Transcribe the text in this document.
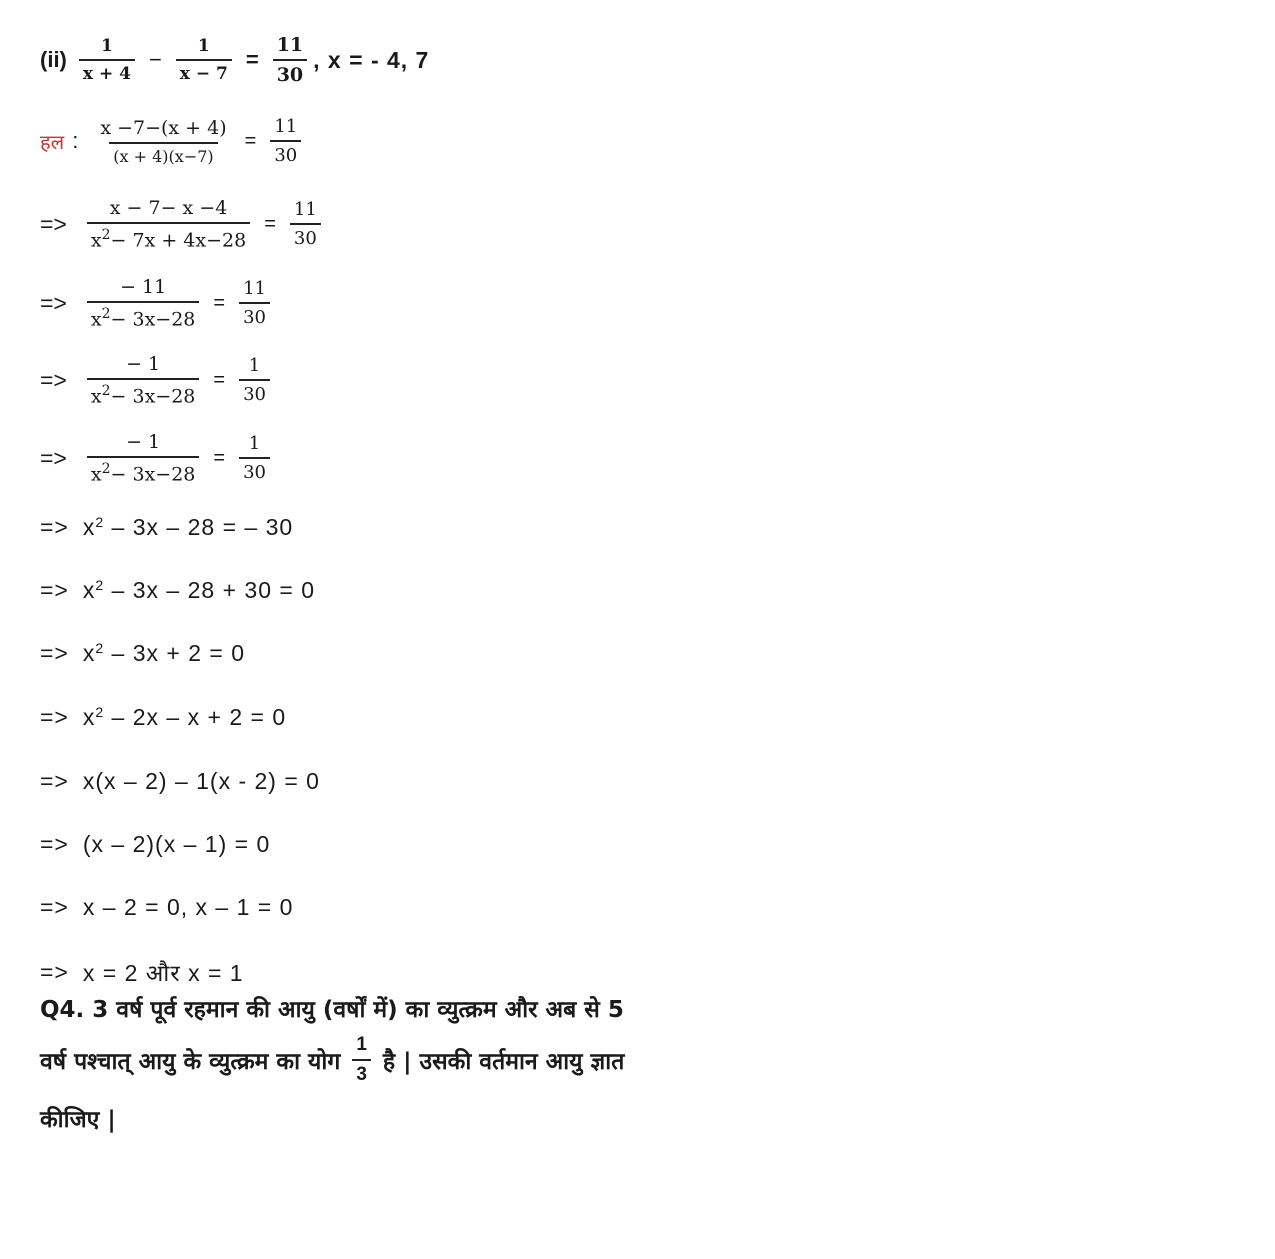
$(ii) \frac{1}{x + 4} - \frac{1}{x - 7} = \frac{11}{30}$ , x = - 4, 7
हल : $\frac{x -7-(x + 4)}{(x + 4)(x-7)} = \frac{11}{30}$
=> $\frac{x - 7- x -4}{x^2- 7x + 4x-28} = \frac{11}{30}$
=> $\frac{- 11}{x^2- 3x-28} = \frac{11}{30}$
=> $\frac{- 1}{x^2- 3x-28} = \frac{1}{30}$
=> $\frac{- 1}{x^2- 3x-28} = \frac{1}{30}$
=> $x^2 - 3x - 28$ = – 30
=> $x^2 - 3x - 28 + 30 = 0$
=> $x^2 - 3x + 2 = 0$
=> $x^2 - 2x - x + 2 = 0$
=> x(x – 2) – 1(x - 2) = 0
=> (x – 2)(x – 1) = 0
=> x – 2 = 0, x – 1 = 0
=> x = 2 और x = 1
Q4. 3 वर्ष पूर्व रहमान की आयु (वर्षों में) का व्युत्क्रम और अब से 5
वर्ष पश्चात् आयु के व्युत्क्रम का योग $\frac{1}{3}$ है | उसकी वर्तमान आयु ज्ञात
कीजिए |
